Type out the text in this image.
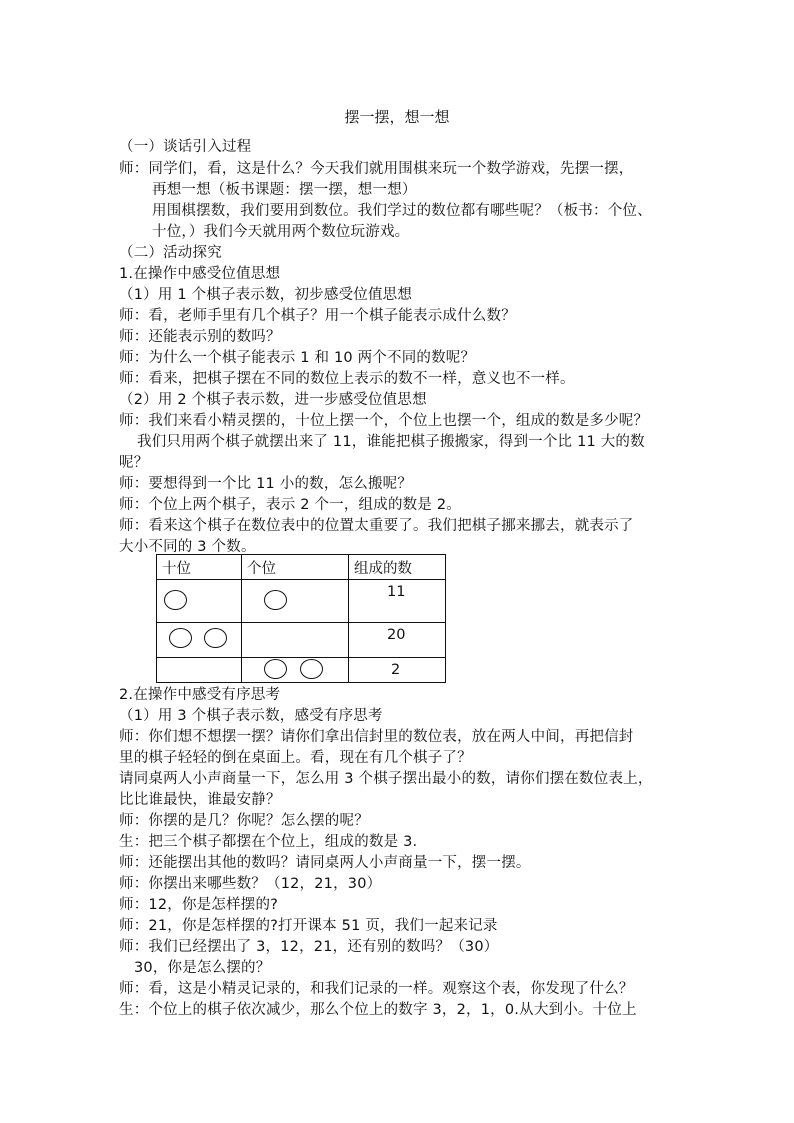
摆一摆，想一想
（一）谈话引入过程
师：同学们，看，这是什么？今天我们就用围棋来玩一个数学游戏，先摆一摆，
再想一想（板书课题：摆一摆，想一想）
用围棋摆数，我们要用到数位。我们学过的数位都有哪些呢？（板书：个位、
十位，）我们今天就用两个数位玩游戏。
（二）活动探究
1.在操作中感受位值思想
（1）用 1 个棋子表示数，初步感受位值思想
师：看，老师手里有几个棋子？用一个棋子能表示成什么数？
师：还能表示别的数吗？
师：为什么一个棋子能表示 1 和 10 两个不同的数呢？
师：看来，把棋子摆在不同的数位上表示的数不一样，意义也不一样。
（2）用 2 个棋子表示数，进一步感受位值思想
师：我们来看小精灵摆的，十位上摆一个，个位上也摆一个，组成的数是多少呢？
我们只用两个棋子就摆出来了 11，谁能把棋子搬搬家，得到一个比 11 大的数
呢？
师：要想得到一个比 11 小的数，怎么搬呢？
师：个位上两个棋子，表示 2 个一，组成的数是 2。
师：看来这个棋子在数位表中的位置太重要了。我们把棋子挪来挪去，就表示了
大小不同的 3 个数。
十位	个位	组成的数

		11

		20

		2
2.在操作中感受有序思考
（1）用 3 个棋子表示数，感受有序思考
师：你们想不想摆一摆？请你们拿出信封里的数位表，放在两人中间，再把信封
里的棋子轻轻的倒在桌面上。看，现在有几个棋子了？
请同桌两人小声商量一下，怎么用 3 个棋子摆出最小的数，请你们摆在数位表上，
比比谁最快，谁最安静？
师：你摆的是几？你呢？怎么摆的呢？
生：把三个棋子都摆在个位上，组成的数是 3.
师：还能摆出其他的数吗？请同桌两人小声商量一下，摆一摆。
师：你摆出来哪些数？（12，21，30）
师：12，你是怎样摆的?
师：21，你是怎样摆的?打开课本 51 页，我们一起来记录
师：我们已经摆出了 3，12，21，还有别的数吗？（30）
30，你是怎么摆的？
师：看，这是小精灵记录的，和我们记录的一样。观察这个表，你发现了什么？
生：个位上的棋子依次减少，那么个位上的数字 3，2，1，0.从大到小。十位上
